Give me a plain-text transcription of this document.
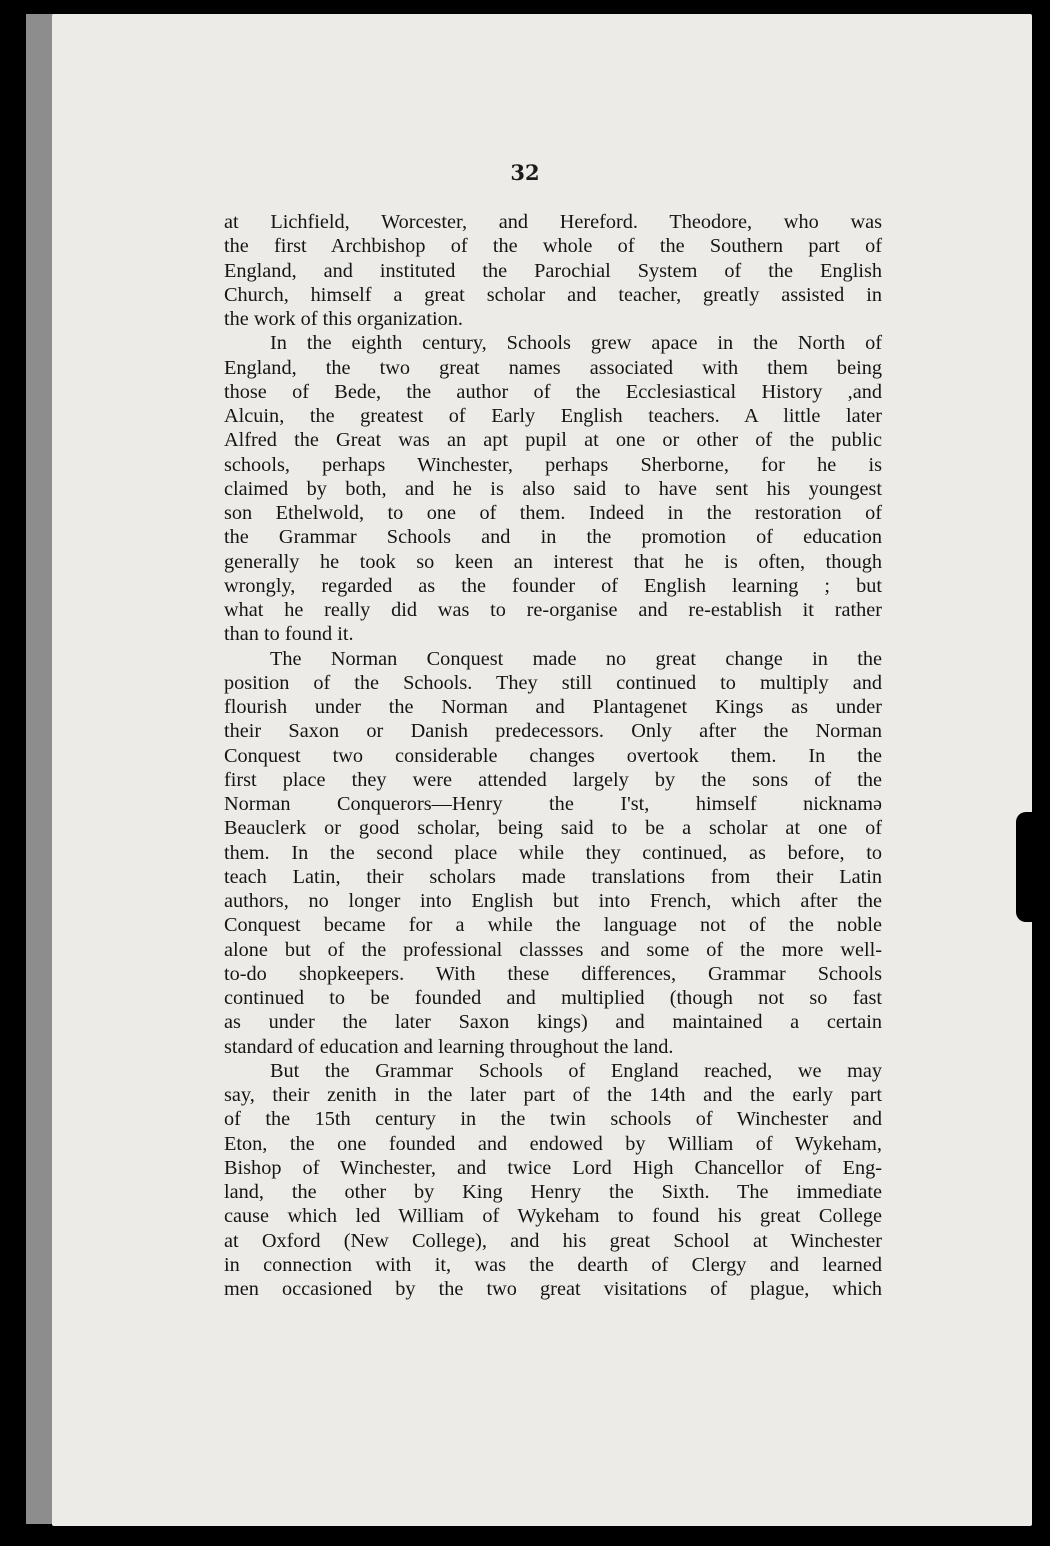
32
at Lichfield, Worcester, and Hereford. Theodore, who was
the first Archbishop of the whole of the Southern part of
England, and instituted the Parochial System of the English
Church, himself a great scholar and teacher, greatly assisted in
the work of this organization.
In the eighth century, Schools grew apace in the North of
England, the two great names associated with them being
those of Bede, the author of the Ecclesiastical History ,and
Alcuin, the greatest of Early English teachers. A little later
Alfred the Great was an apt pupil at one or other of the public
schools, perhaps Winchester, perhaps Sherborne, for he is
claimed by both, and he is also said to have sent his youngest
son Ethelwold, to one of them. Indeed in the restoration of
the Grammar Schools and in the promotion of education
generally he took so keen an interest that he is often, though
wrongly, regarded as the founder of English learning ; but
what he really did was to re-organise and re-establish it rather
than to found it.
The Norman Conquest made no great change in the
position of the Schools. They still continued to multiply and
flourish under the Norman and Plantagenet Kings as under
their Saxon or Danish predecessors. Only after the Norman
Conquest two considerable changes overtook them. In the
first place they were attended largely by the sons of the
Norman Conquerors—Henry the I'st, himself nicknamə
Beauclerk or good scholar, being said to be a scholar at one of
them. In the second place while they continued, as before, to
teach Latin, their scholars made translations from their Latin
authors, no longer into English but into French, which after the
Conquest became for a while the language not of the noble
alone but of the professional classses and some of the more well-
to-do shopkeepers. With these differences, Grammar Schools
continued to be founded and multiplied (though not so fast
as under the later Saxon kings) and maintained a certain
standard of education and learning throughout the land.
But the Grammar Schools of England reached, we may
say, their zenith in the later part of the 14th and the early part
of the 15th century in the twin schools of Winchester and
Eton, the one founded and endowed by William of Wykeham,
Bishop of Winchester, and twice Lord High Chancellor of Eng-
land, the other by King Henry the Sixth. The immediate
cause which led William of Wykeham to found his great College
at Oxford (New College), and his great School at Winchester
in connection with it, was the dearth of Clergy and learned
men occasioned by the two great visitations of plague, which
